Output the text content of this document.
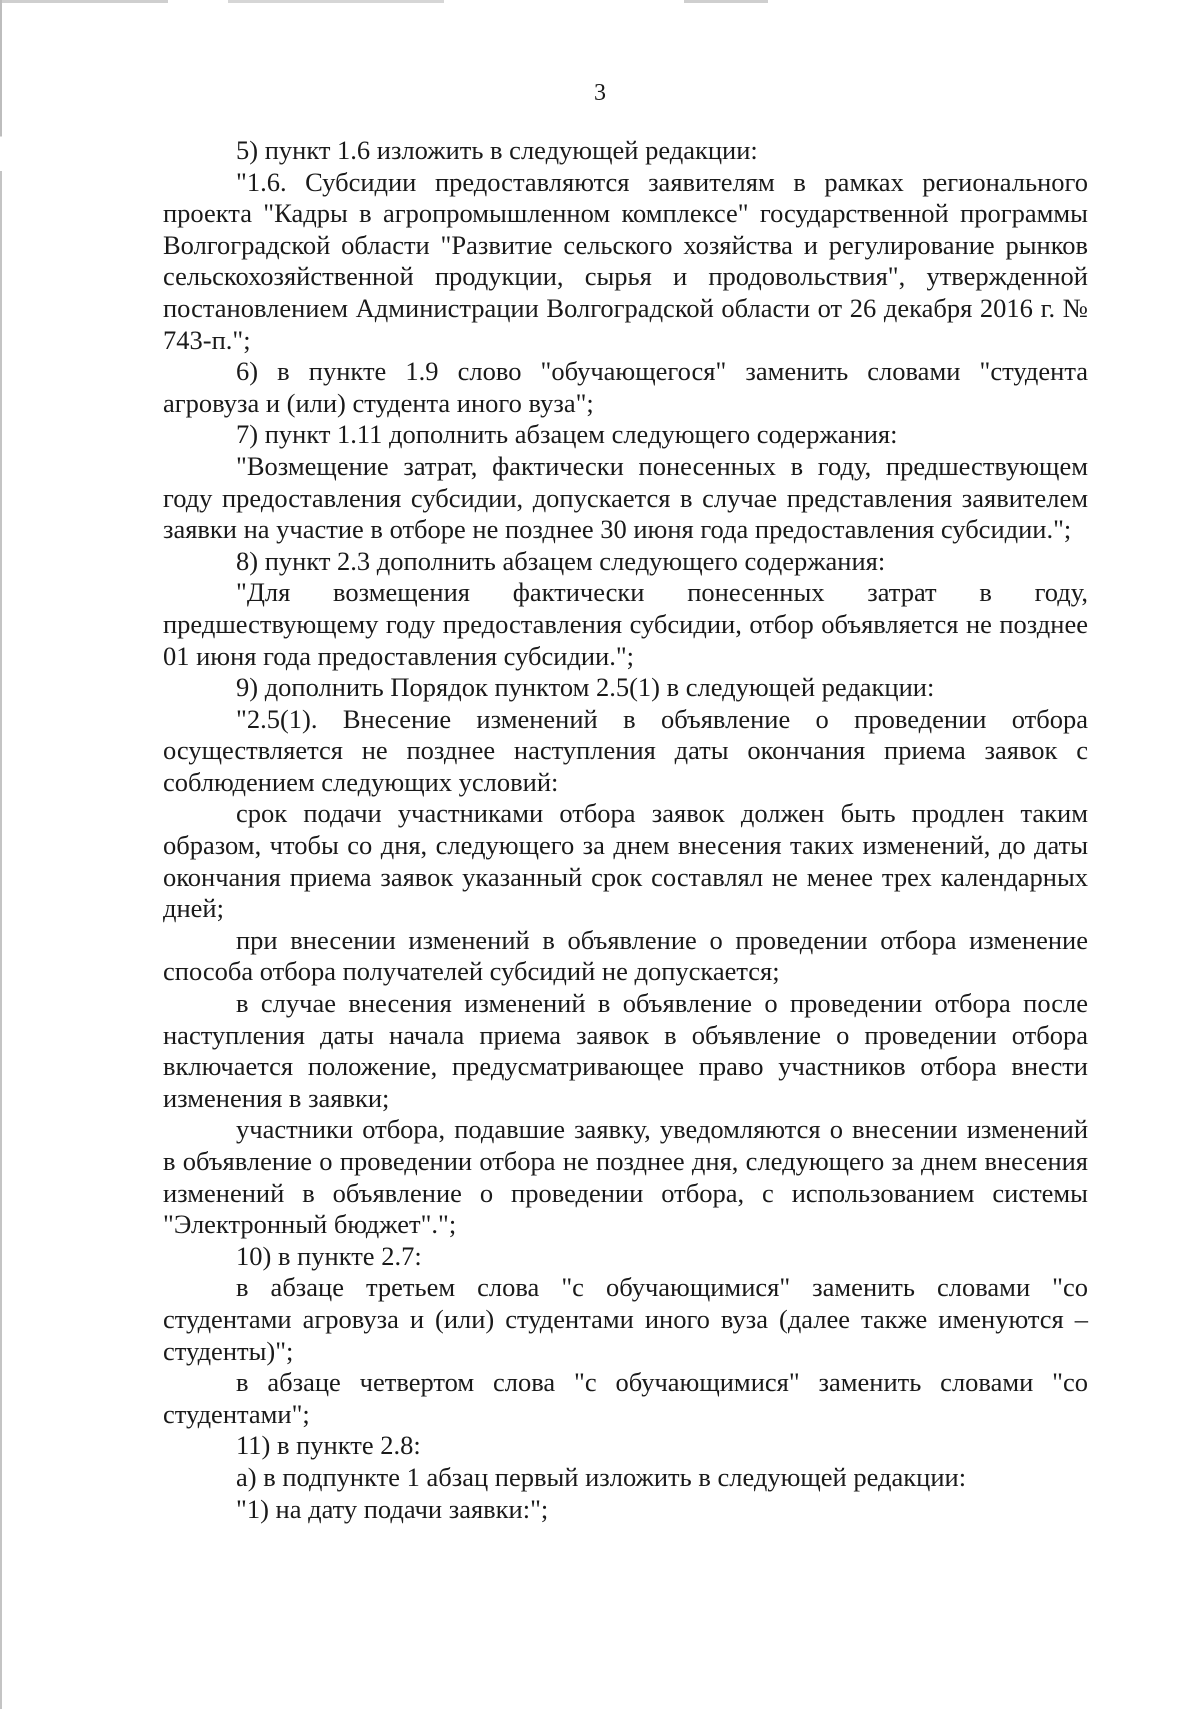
3

5) пункт 1.6 изложить в следующей редакции:

"1.6. Субсидии предоставляются заявителям в рамках регионального проекта "Кадры в агропромышленном комплексе" государственной программы Волгоградской области "Развитие сельского хозяйства и регулирование рынков сельскохозяйственной продукции, сырья и продовольствия", утвержденной постановлением Администрации Волгоградской области от 26 декабря 2016 г. № 743-п.";

6) в пункте 1.9 слово "обучающегося" заменить словами "студента агровуза и (или) студента иного вуза";

7) пункт 1.11 дополнить абзацем следующего содержания:

"Возмещение затрат, фактически понесенных в году, предшествующем году предоставления субсидии, допускается в случае представления заявителем заявки на участие в отборе не позднее 30 июня года предоставления субсидии.";

8) пункт 2.3 дополнить абзацем следующего содержания:

"Для возмещения фактически понесенных затрат в году, предшествующему году предоставления субсидии, отбор объявляется не позднее 01 июня года предоставления субсидии.";

9) дополнить Порядок пунктом 2.5(1) в следующей редакции:

"2.5(1). Внесение изменений в объявление о проведении отбора осуществляется не позднее наступления даты окончания приема заявок с соблюдением следующих условий:

срок подачи участниками отбора заявок должен быть продлен таким образом, чтобы со дня, следующего за днем внесения таких изменений, до даты окончания приема заявок указанный срок составлял не менее трех календарных дней;

при внесении изменений в объявление о проведении отбора изменение способа отбора получателей субсидий не допускается;

в случае внесения изменений в объявление о проведении отбора после наступления даты начала приема заявок в объявление о проведении отбора включается положение, предусматривающее право участников отбора внести изменения в заявки;

участники отбора, подавшие заявку, уведомляются о внесении изменений в объявление о проведении отбора не позднее дня, следующего за днем внесения изменений в объявление о проведении отбора, с использованием системы "Электронный бюджет".";

10) в пункте 2.7:

в абзаце третьем слова "с обучающимися" заменить словами "со студентами агровуза и (или) студентами иного вуза (далее также именуются – студенты)";

в абзаце четвертом слова "с обучающимися" заменить словами "со студентами";

11) в пункте 2.8:

а) в подпункте 1 абзац первый изложить в следующей редакции:

"1) на дату подачи заявки:";
